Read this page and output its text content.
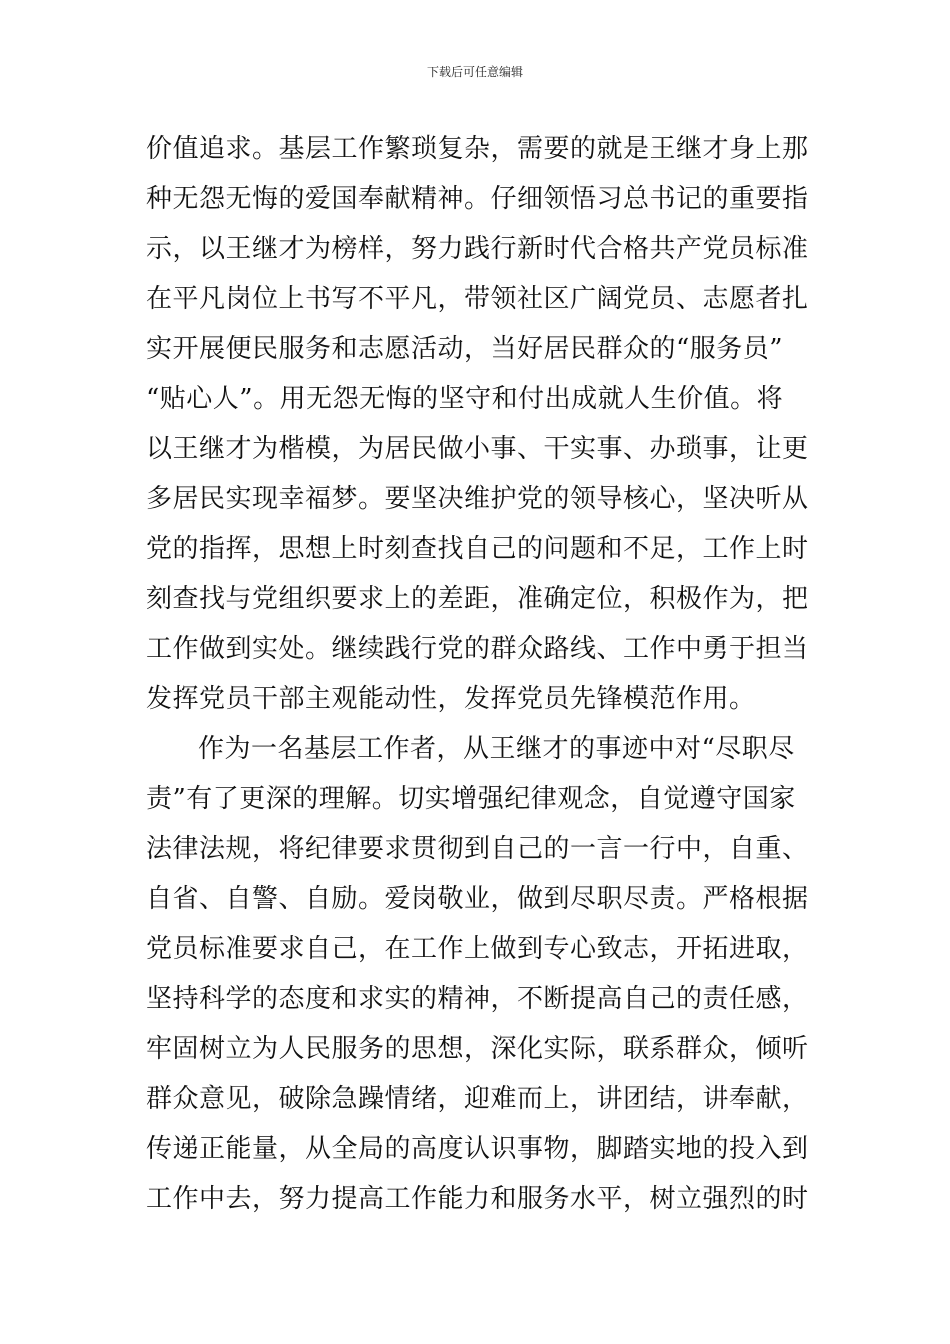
下载后可任意编辑
价值追求。基层工作繁琐复杂，需要的就是王继才身上那
种无怨无悔的爱国奉献精神。仔细领悟习总书记的重要指
示，以王继才为榜样，努力践行新时代合格共产党员标准
在平凡岗位上书写不平凡，带领社区广阔党员、志愿者扎
实开展便民服务和志愿活动，当好居民群众的“服务员”
“贴心人”。用无怨无悔的坚守和付出成就人生价值。将
以王继才为楷模，为居民做小事、干实事、办琐事，让更
多居民实现幸福梦。要坚决维护党的领导核心，坚决听从
党的指挥，思想上时刻查找自己的问题和不足，工作上时
刻查找与党组织要求上的差距，准确定位，积极作为，把
工作做到实处。继续践行党的群众路线、工作中勇于担当
发挥党员干部主观能动性，发挥党员先锋模范作用。
作为一名基层工作者，从王继才的事迹中对“尽职尽
责”有了更深的理解。切实增强纪律观念，自觉遵守国家
法律法规，将纪律要求贯彻到自己的一言一行中，自重、
自省、自警、自励。爱岗敬业，做到尽职尽责。严格根据
党员标准要求自己，在工作上做到专心致志，开拓进取，
坚持科学的态度和求实的精神，不断提高自己的责任感，
牢固树立为人民服务的思想，深化实际，联系群众，倾听
群众意见，破除急躁情绪，迎难而上，讲团结，讲奉献，
传递正能量，从全局的高度认识事物，脚踏实地的投入到
工作中去，努力提高工作能力和服务水平，树立强烈的时
